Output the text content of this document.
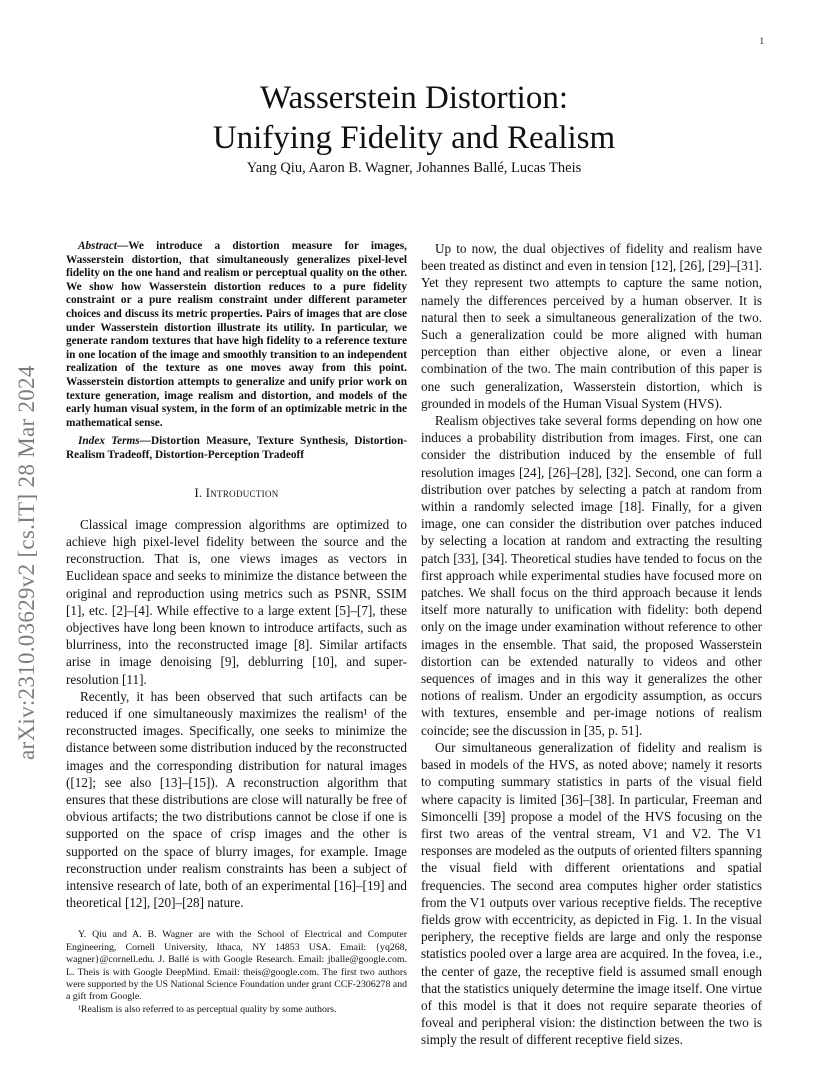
1
arXiv:2310.03629v2 [cs.IT] 28 Mar 2024
Wasserstein Distortion:
Unifying Fidelity and Realism
Yang Qiu, Aaron B. Wagner, Johannes Ballé, Lucas Theis
Abstract—We introduce a distortion measure for images, Wasserstein distortion, that simultaneously generalizes pixel-level fidelity on the one hand and realism or perceptual quality on the other. We show how Wasserstein distortion reduces to a pure fidelity constraint or a pure realism constraint under different parameter choices and discuss its metric properties. Pairs of images that are close under Wasserstein distortion illustrate its utility. In particular, we generate random textures that have high fidelity to a reference texture in one location of the image and smoothly transition to an independent realization of the texture as one moves away from this point. Wasserstein distortion attempts to generalize and unify prior work on texture generation, image realism and distortion, and models of the early human visual system, in the form of an optimizable metric in the mathematical sense.
Index Terms—Distortion Measure, Texture Synthesis, Distortion-Realism Tradeoff, Distortion-Perception Tradeoff
I. Introduction

Classical image compression algorithms are optimized to achieve high pixel-level fidelity between the source and the reconstruction. That is, one views images as vectors in Euclidean space and seeks to minimize the distance between the original and reproduction using metrics such as PSNR, SSIM [1], etc. [2]–[4]. While effective to a large extent [5]–[7], these objectives have long been known to introduce artifacts, such as blurriness, into the reconstructed image [8]. Similar artifacts arise in image denoising [9], deblurring [10], and super-resolution [11].

Recently, it has been observed that such artifacts can be reduced if one simultaneously maximizes the realism¹ of the reconstructed images. Specifically, one seeks to minimize the distance between some distribution induced by the reconstructed images and the corresponding distribution for natural images ([12]; see also [13]–[15]). A reconstruction algorithm that ensures that these distributions are close will naturally be free of obvious artifacts; the two distributions cannot be close if one is supported on the space of crisp images and the other is supported on the space of blurry images, for example. Image reconstruction under realism constraints has been a subject of intensive research of late, both of an experimental [16]–[19] and theoretical [12], [20]–[28] nature.

Y. Qiu and A. B. Wagner are with the School of Electrical and Computer Engineering, Cornell University, Ithaca, NY 14853 USA. Email: {yq268, wagner}@cornell.edu. J. Ballé is with Google Research. Email: jballe@google.com. L. Theis is with Google DeepMind. Email: theis@google.com. The first two authors were supported by the US National Science Foundation under grant CCF-2306278 and a gift from Google.

¹Realism is also referred to as perceptual quality by some authors.

Up to now, the dual objectives of fidelity and realism have been treated as distinct and even in tension [12], [26], [29]–[31]. Yet they represent two attempts to capture the same notion, namely the differences perceived by a human observer. It is natural then to seek a simultaneous generalization of the two. Such a generalization could be more aligned with human perception than either objective alone, or even a linear combination of the two. The main contribution of this paper is one such generalization, Wasserstein distortion, which is grounded in models of the Human Visual System (HVS).

Realism objectives take several forms depending on how one induces a probability distribution from images. First, one can consider the distribution induced by the ensemble of full resolution images [24], [26]–[28], [32]. Second, one can form a distribution over patches by selecting a patch at random from within a randomly selected image [18]. Finally, for a given image, one can consider the distribution over patches induced by selecting a location at random and extracting the resulting patch [33], [34]. Theoretical studies have tended to focus on the first approach while experimental studies have focused more on patches. We shall focus on the third approach because it lends itself more naturally to unification with fidelity: both depend only on the image under examination without reference to other images in the ensemble. That said, the proposed Wasserstein distortion can be extended naturally to videos and other sequences of images and in this way it generalizes the other notions of realism. Under an ergodicity assumption, as occurs with textures, ensemble and per-image notions of realism coincide; see the discussion in [35, p. 51].

Our simultaneous generalization of fidelity and realism is based in models of the HVS, as noted above; namely it resorts to computing summary statistics in parts of the visual field where capacity is limited [36]–[38]. In particular, Freeman and Simoncelli [39] propose a model of the HVS focusing on the first two areas of the ventral stream, V1 and V2. The V1 responses are modeled as the outputs of oriented filters spanning the visual field with different orientations and spatial frequencies. The second area computes higher order statistics from the V1 outputs over various receptive fields. The receptive fields grow with eccentricity, as depicted in Fig. 1. In the visual periphery, the receptive fields are large and only the response statistics pooled over a large area are acquired. In the fovea, i.e., the center of gaze, the receptive field is assumed small enough that the statistics uniquely determine the image itself. One virtue of this model is that it does not require separate theories of foveal and peripheral vision: the distinction between the two is simply the result of different receptive field sizes.
